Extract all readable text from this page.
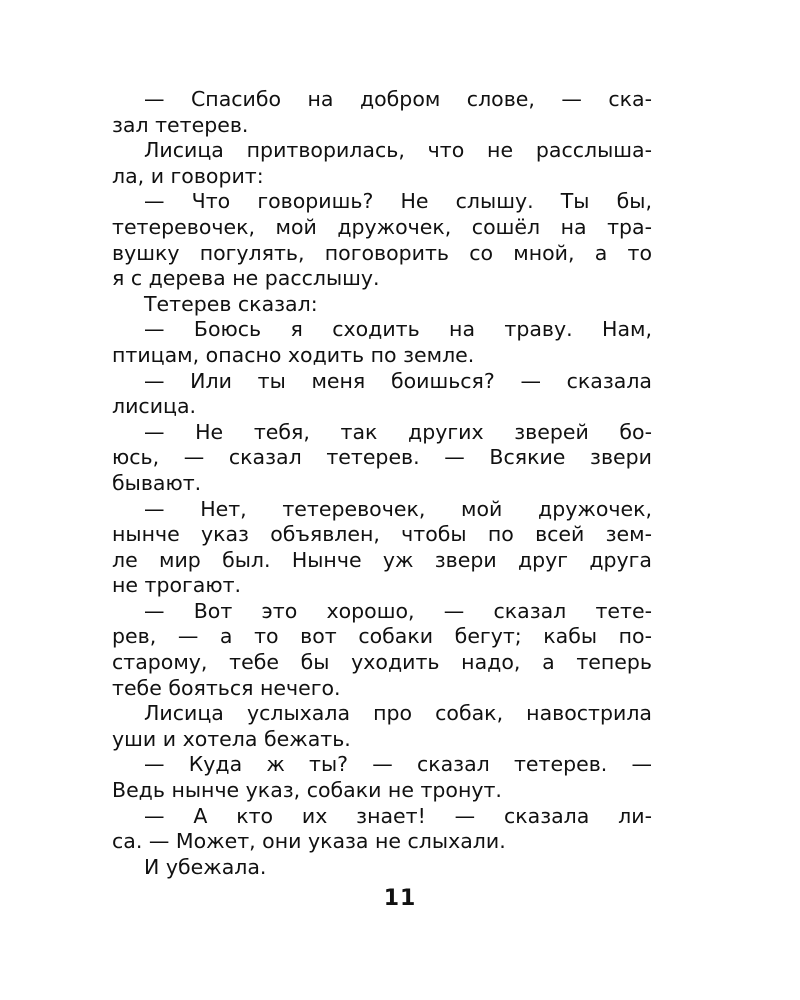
— Спасибо на добром слове, — ска-
зал тетерев.
Лисица притворилась, что не расслыша-
ла, и говорит:
— Что говоришь? Не слышу. Ты бы,
тетеревочек, мой дружочек, сошёл на тра-
вушку погулять, поговорить со мной, а то
я с дерева не расслышу.
Тетерев сказал:
— Боюсь я сходить на траву. Нам,
птицам, опасно ходить по земле.
— Или ты меня боишься? — сказала
лисица.
— Не тебя, так других зверей бо-
юсь, — сказал тетерев. — Всякие звери
бывают.
— Нет, тетеревочек, мой дружочек,
нынче указ объявлен, чтобы по всей зем-
ле мир был. Нынче уж звери друг друга
не трогают.
— Вот это хорошо, — сказал тете-
рев, — а то вот собаки бегут; кабы по-
старому, тебе бы уходить надо, а теперь
тебе бояться нечего.
Лисица услыхала про собак, навострила
уши и хотела бежать.
— Куда ж ты? — сказал тетерев. —
Ведь нынче указ, собаки не тронут.
— А кто их знает! — сказала ли-
са. — Может, они указа не слыхали.
И убежала.
11
